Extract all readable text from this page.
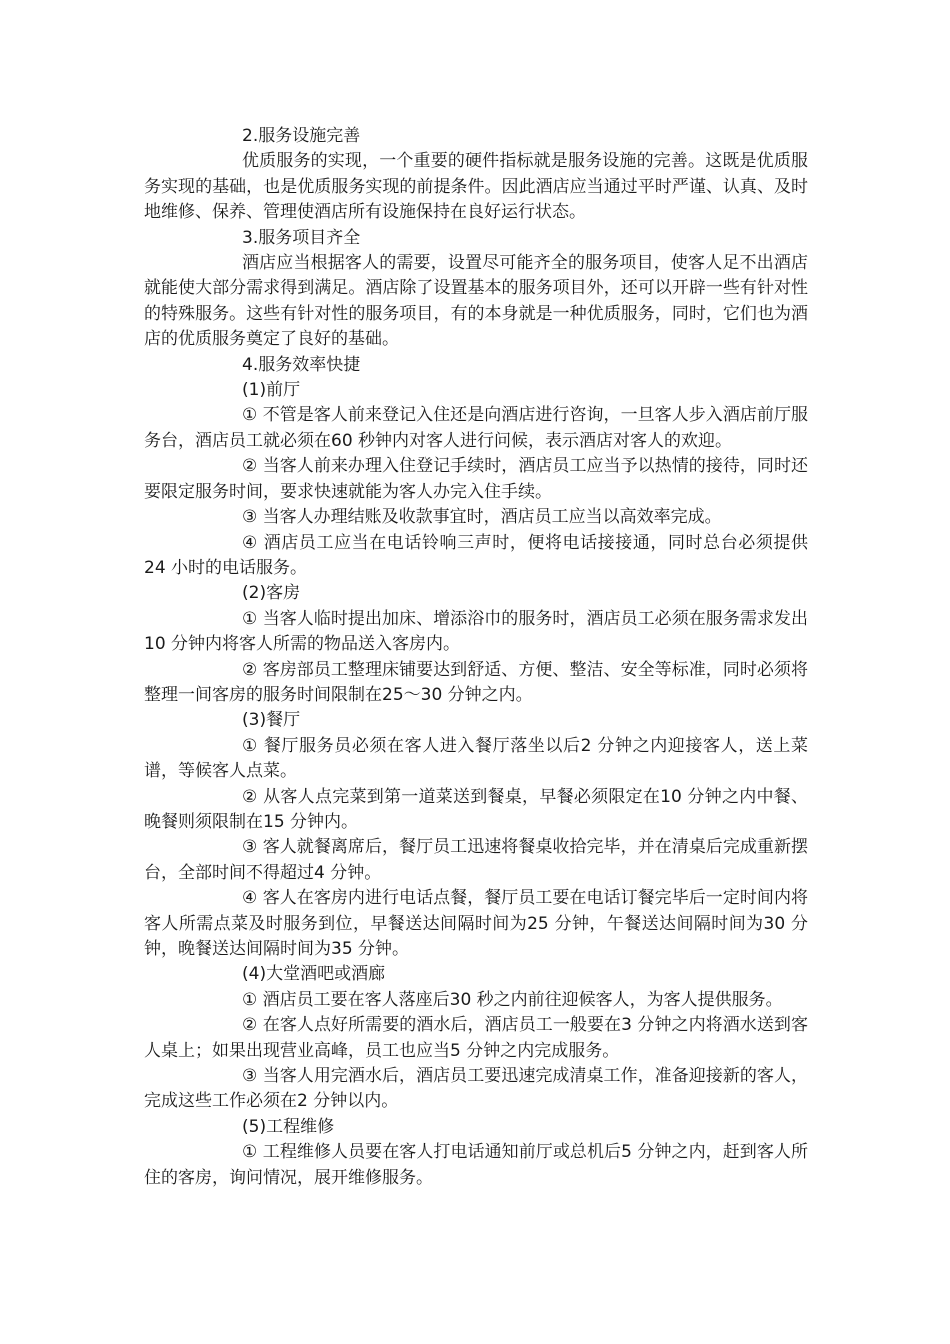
2.服务设施完善

优质服务的实现，一个重要的硬件指标就是服务设施的完善。这既是优质服务实现的基础，也是优质服务实现的前提条件。因此酒店应当通过平时严谨、认真、及时地维修、保养、管理使酒店所有设施保持在良好运行状态。

3.服务项目齐全

酒店应当根据客人的需要，设置尽可能齐全的服务项目，使客人足不出酒店就能使大部分需求得到满足。酒店除了设置基本的服务项目外，还可以开辟一些有针对性的特殊服务。这些有针对性的服务项目，有的本身就是一种优质服务，同时，它们也为酒店的优质服务奠定了良好的基础。

4.服务效率快捷

(1)前厅

① 不管是客人前来登记入住还是向酒店进行咨询，一旦客人步入酒店前厅服务台，酒店员工就必须在60 秒钟内对客人进行问候，表示酒店对客人的欢迎。

② 当客人前来办理入住登记手续时，酒店员工应当予以热情的接待，同时还要限定服务时间，要求快速就能为客人办完入住手续。

③ 当客人办理结账及收款事宜时，酒店员工应当以高效率完成。

④ 酒店员工应当在电话铃响三声时，便将电话接接通，同时总台必须提供24 小时的电话服务。

(2)客房

① 当客人临时提出加床、增添浴巾的服务时，酒店员工必须在服务需求发出10 分钟内将客人所需的物品送入客房内。

② 客房部员工整理床铺要达到舒适、方便、整洁、安全等标准，同时必须将整理一间客房的服务时间限制在25～30 分钟之内。

(3)餐厅

① 餐厅服务员必须在客人进入餐厅落坐以后2 分钟之内迎接客人，送上菜谱，等候客人点菜。

② 从客人点完菜到第一道菜送到餐桌，早餐必须限定在10 分钟之内中餐、晚餐则须限制在15 分钟内。

③ 客人就餐离席后，餐厅员工迅速将餐桌收拾完毕，并在清桌后完成重新摆台，全部时间不得超过4 分钟。

④ 客人在客房内进行电话点餐，餐厅员工要在电话订餐完毕后一定时间内将客人所需点菜及时服务到位，早餐送达间隔时间为25 分钟，午餐送达间隔时间为30 分钟，晚餐送达间隔时间为35 分钟。

(4)大堂酒吧或酒廊

① 酒店员工要在客人落座后30 秒之内前往迎候客人，为客人提供服务。

② 在客人点好所需要的酒水后，酒店员工一般要在3 分钟之内将酒水送到客人桌上；如果出现营业高峰，员工也应当5 分钟之内完成服务。

③ 当客人用完酒水后，酒店员工要迅速完成清桌工作，准备迎接新的客人，完成这些工作必须在2 分钟以内。

(5)工程维修

① 工程维修人员要在客人打电话通知前厅或总机后5 分钟之内，赶到客人所住的客房，询问情况，展开维修服务。
